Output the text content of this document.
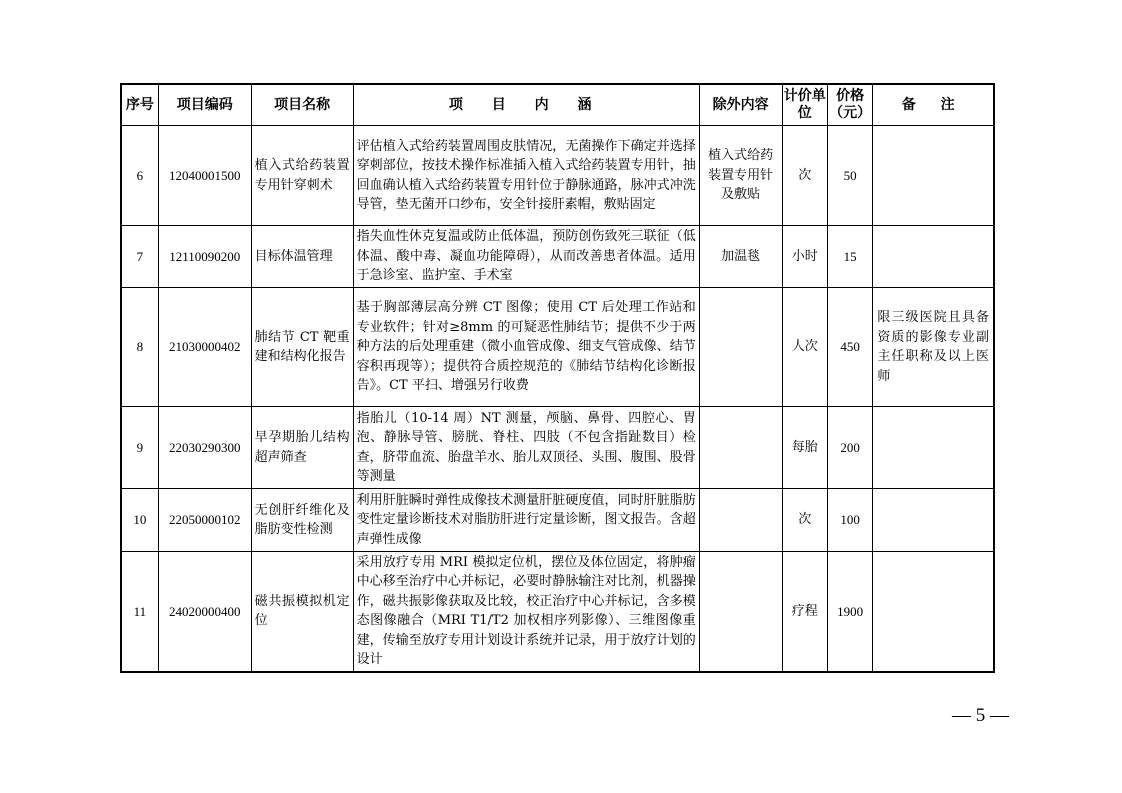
序号	项目编码	项目名称	项 目 内 涵	除外内容	计价单位	价格（元）	备 注
6	12040001500	植入式给药装置专用针穿刺术	评估植入式给药装置周围皮肤情况，无菌操作下确定并选择穿刺部位，按技术操作标准插入植入式给药装置专用针，抽回血确认植入式给药装置专用针位于静脉通路，脉冲式冲洗导管，垫无菌开口纱布，安全针接肝素帽，敷贴固定	植入式给药装置专用针及敷贴	次	50	
7	12110090200	目标体温管理	指失血性休克复温或防止低体温，预防创伤致死三联征（低体温、酸中毒、凝血功能障碍），从而改善患者体温。适用于急诊室、监护室、手术室	加温毯	小时	15	
8	21030000402	肺结节 CT 靶重建和结构化报告	基于胸部薄层高分辨 CT 图像；使用 CT 后处理工作站和专业软件；针对≥8mm 的可疑恶性肺结节；提供不少于两种方法的后处理重建（微小血管成像、细支气管成像、结节容积再现等）；提供符合质控规范的《肺结节结构化诊断报告》。CT 平扫、增强另行收费		人次	450	限三级医院且具备资质的影像专业副主任职称及以上医师
9	22030290300	早孕期胎儿结构超声筛查	指胎儿（10-14 周）NT 测量，颅脑、鼻骨、四腔心、胃泡、静脉导管、膀胱、脊柱、四肢（不包含指趾数目）检查，脐带血流、胎盘羊水、胎儿双顶径、头围、腹围、股骨等测量		每胎	200	
10	22050000102	无创肝纤维化及脂肪变性检测	利用肝脏瞬时弹性成像技术测量肝脏硬度值，同时肝脏脂肪变性定量诊断技术对脂肪肝进行定量诊断，图文报告。含超声弹性成像		次	100	
11	24020000400	磁共振模拟机定位	采用放疗专用 MRI 模拟定位机，摆位及体位固定，将肿瘤中心移至治疗中心并标记，必要时静脉输注对比剂，机器操作，磁共振影像获取及比较，校正治疗中心并标记，含多模态图像融合（MRI T1/T2 加权相序列影像）、三维图像重建，传输至放疗专用计划设计系统并记录，用于放疗计划的设计		疗程	1900	
— 5 —
